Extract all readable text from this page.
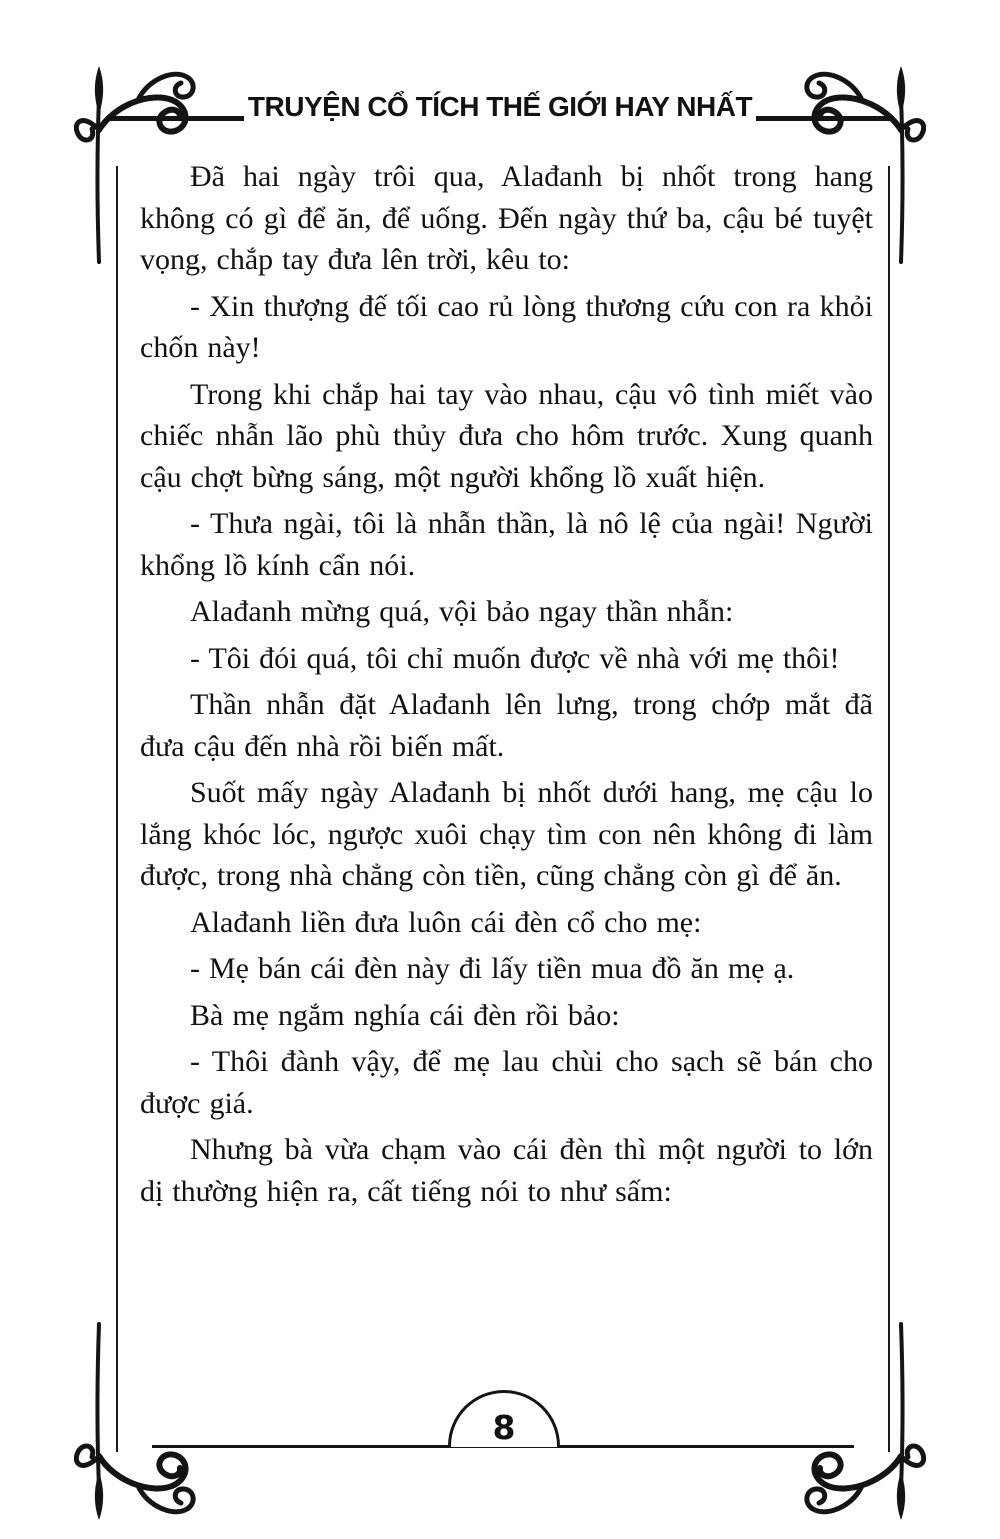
TRUYỆN CỔ TÍCH THẾ GIỚI HAY NHẤT

Đã hai ngày trôi qua, Alađanh bị nhốt trong hang không có gì để ăn, để uống. Đến ngày thứ ba, cậu bé tuyệt vọng, chắp tay đưa lên trời, kêu to:

- Xin thượng đế tối cao rủ lòng thương cứu con ra khỏi chốn này!

Trong khi chắp hai tay vào nhau, cậu vô tình miết vào chiếc nhẫn lão phù thủy đưa cho hôm trước. Xung quanh cậu chợt bừng sáng, một người khổng lồ xuất hiện.

- Thưa ngài, tôi là nhẫn thần, là nô lệ của ngài! Người khổng lồ kính cẩn nói.

Alađanh mừng quá, vội bảo ngay thần nhẫn:

- Tôi đói quá, tôi chỉ muốn được về nhà với mẹ thôi!

Thần nhẫn đặt Alađanh lên lưng, trong chớp mắt đã đưa cậu đến nhà rồi biến mất.

Suốt mấy ngày Alađanh bị nhốt dưới hang, mẹ cậu lo lắng khóc lóc, ngược xuôi chạy tìm con nên không đi làm được, trong nhà chẳng còn tiền, cũng chẳng còn gì để ăn.

Alađanh liền đưa luôn cái đèn cổ cho mẹ:

- Mẹ bán cái đèn này đi lấy tiền mua đồ ăn mẹ ạ.

Bà mẹ ngắm nghía cái đèn rồi bảo:

- Thôi đành vậy, để mẹ lau chùi cho sạch sẽ bán cho được giá.

Nhưng bà vừa chạm vào cái đèn thì một người to lớn dị thường hiện ra, cất tiếng nói to như sấm:

8
